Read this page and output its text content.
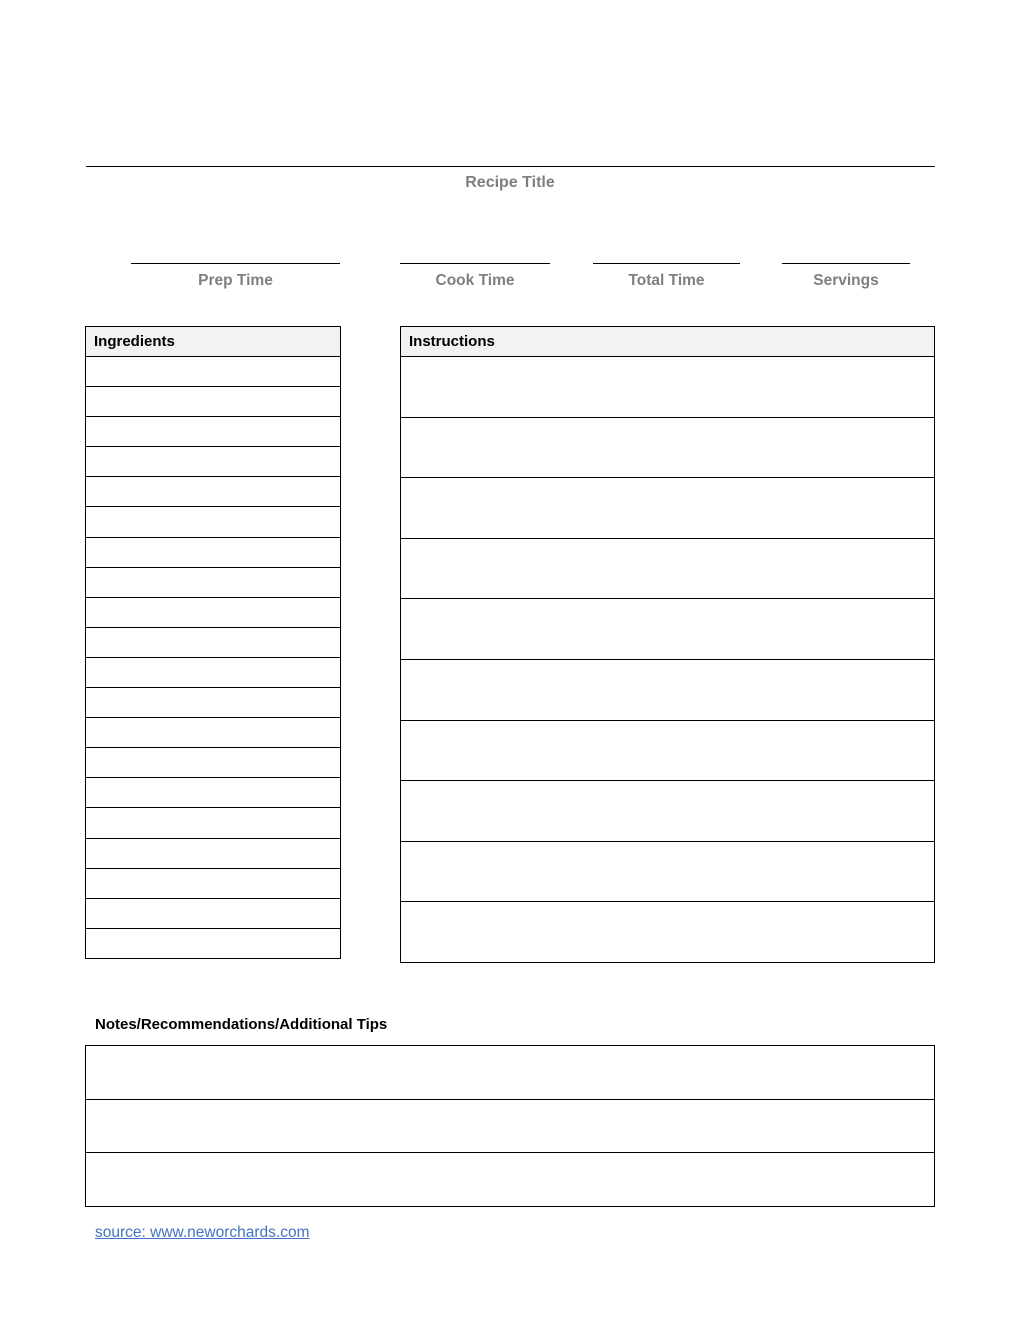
Recipe Title
Prep Time	Cook Time	Total Time	Servings
Ingredients	Instructions

Notes/Recommendations/Additional Tips

source: www.neworchards.com
